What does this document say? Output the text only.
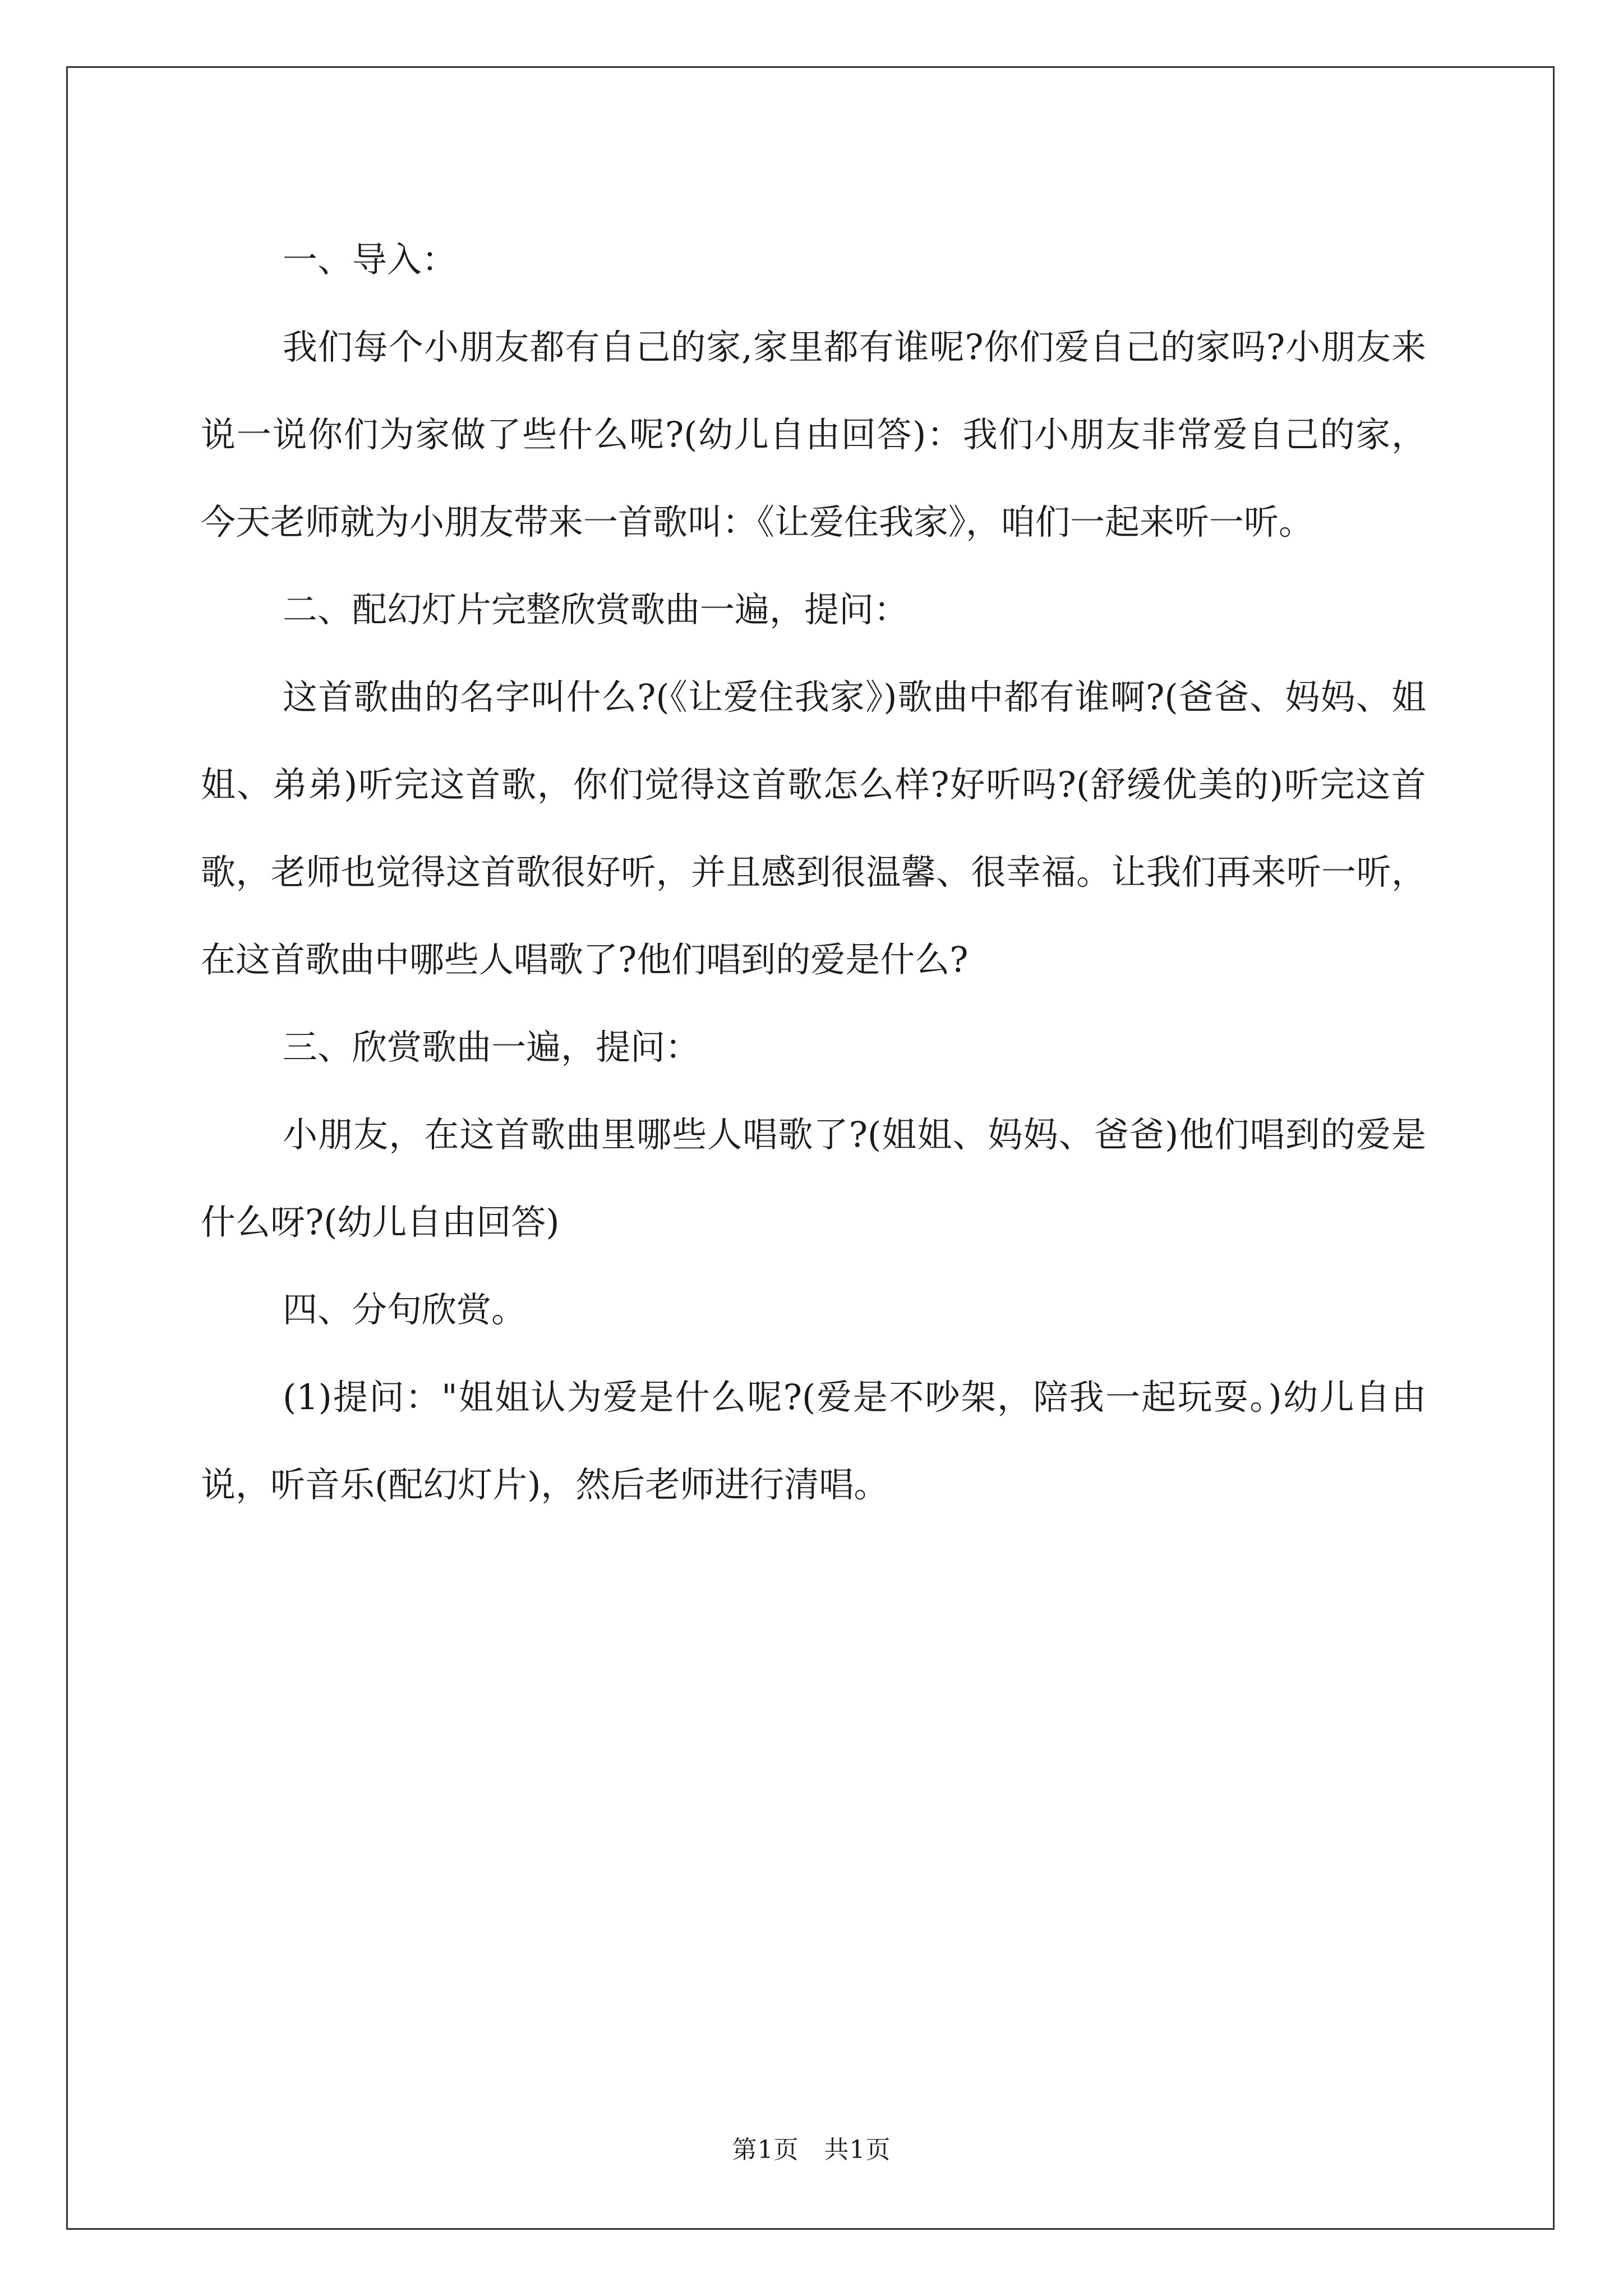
一、导入：

我们每个小朋友都有自己的家,家里都有谁呢?你们爱自己的家吗?小朋友来说一说你们为家做了些什么呢?(幼儿自由回答)：我们小朋友非常爱自己的家，今天老师就为小朋友带来一首歌叫：《让爱住我家》，咱们一起来听一听。

二、配幻灯片完整欣赏歌曲一遍，提问：

这首歌曲的名字叫什么?(《让爱住我家》)歌曲中都有谁啊?(爸爸、妈妈、姐姐、弟弟)听完这首歌，你们觉得这首歌怎么样?好听吗?(舒缓优美的)听完这首歌，老师也觉得这首歌很好听，并且感到很温馨、很幸福。让我们再来听一听，在这首歌曲中哪些人唱歌了?他们唱到的爱是什么?

三、欣赏歌曲一遍，提问：

小朋友，在这首歌曲里哪些人唱歌了?(姐姐、妈妈、爸爸)他们唱到的爱是什么呀?(幼儿自由回答)

四、分句欣赏。

(1)提问："姐姐认为爱是什么呢?(爱是不吵架，陪我一起玩耍。)幼儿自由说，听音乐(配幻灯片)，然后老师进行清唱。

第1页　共1页
